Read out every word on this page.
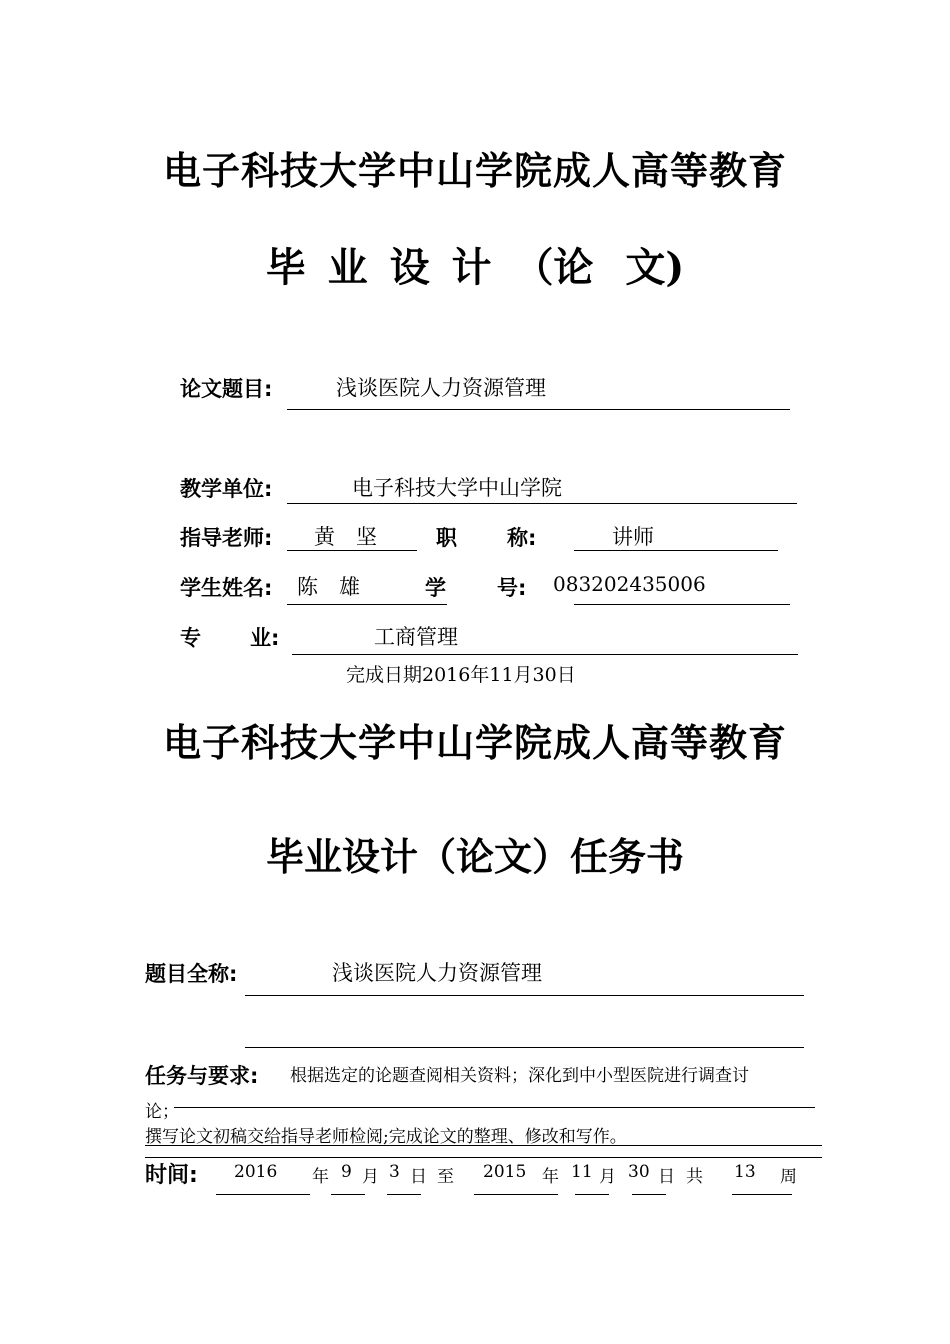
电子科技大学中山学院成人高等教育
毕 业 设 计 （论 文)
论文题目:	浅谈医院人力资源管理
教学单位:	电子科技大学中山学院
指导老师: 黄　坚	职 称:	讲师
学生姓名: 陈　雄	学 号: 083202435006
专 业:	工商管理
完成日期2016年11月30日
电子科技大学中山学院成人高等教育
毕业设计（论文）任务书
题目全称:	浅谈医院人力资源管理
任务与要求: 根据选定的论题查阅相关资料；深化到中小型医院进行调查讨
论；
撰写论文初稿交给指导老师检阅;完成论文的整理、修改和写作。
时间: 2016 年 9 月 3 日 至 2015 年 11 月 30 日 共 13 周
